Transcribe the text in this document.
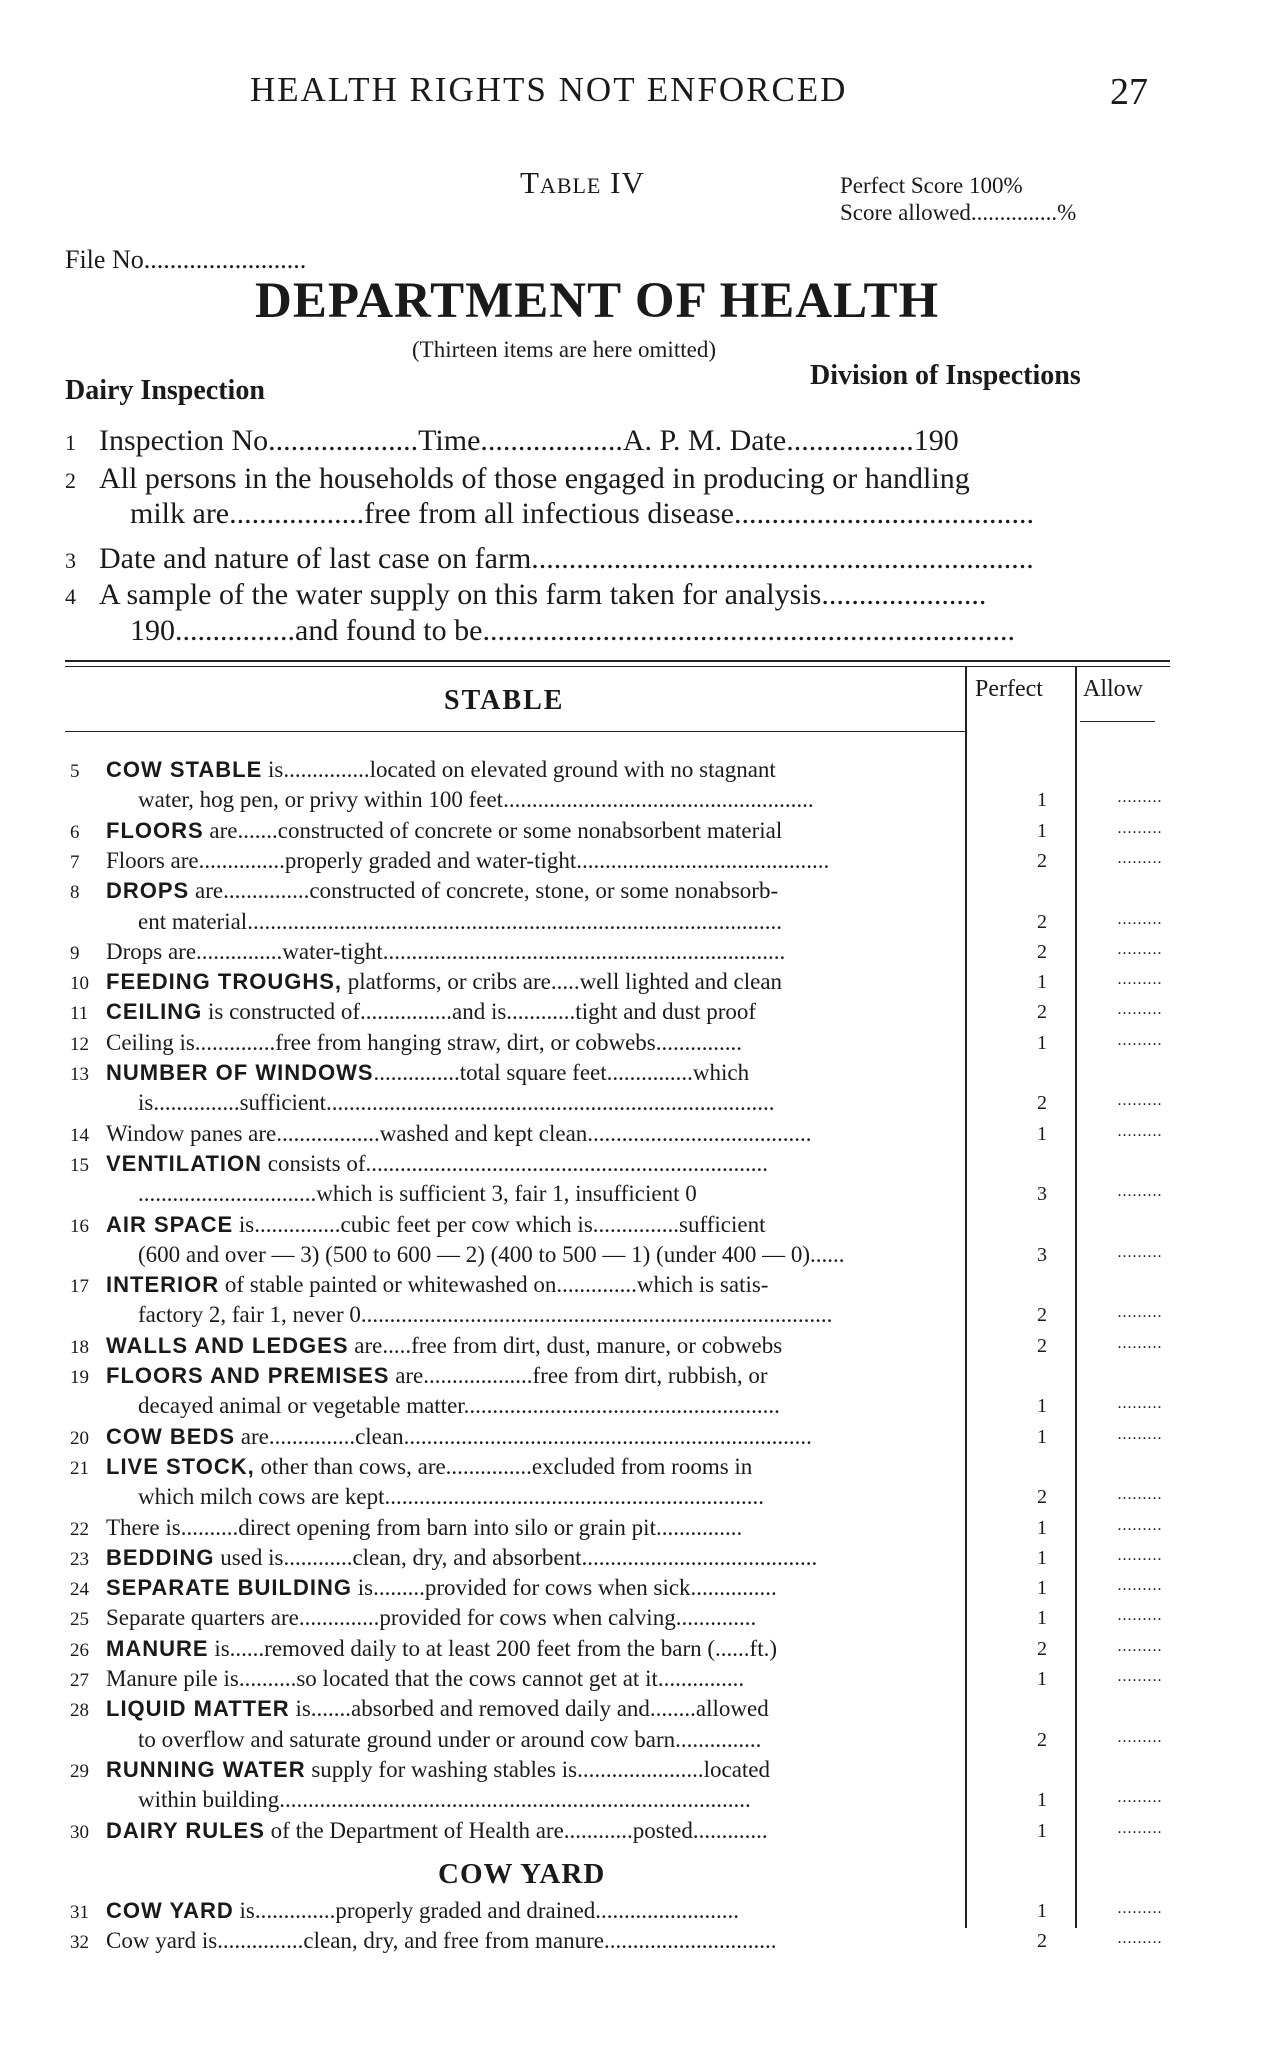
HEALTH RIGHTS NOT ENFORCED	27
Table IV	Perfect Score 100%
Score allowed...............%
File No.........................
DEPARTMENT OF HEALTH
(Thirteen items are here omitted)
Dairy Inspection	Division of Inspections
1 Inspection No....................Time...................A. P. M. Date.................190
2 All persons in the households of those engaged in producing or handling
milk are..................free from all infectious disease........................................
3 Date and nature of last case on farm...................................................................
4 A sample of the water supply on this farm taken for analysis......................
190................and found to be.......................................................................
STABLE	Perfect Allow
5 COW STABLE is...............located on elevated ground with no stagnant
water, hog pen, or privy within 100 feet......................................................	1	.........
6 FLOORS are.......constructed of concrete or some nonabsorbent material	1	.........
7 Floors are...............properly graded and water-tight............................................	2	.........
8 DROPS are...............constructed of concrete, stone, or some nonabsorb-
ent material.............................................................................................	2	.........
9 Drops are...............water-tight......................................................................	2	.........
10 FEEDING TROUGHS, platforms, or cribs are.....well lighted and clean	1	.........
11 CEILING is constructed of................and is............tight and dust proof	2	.........
12 Ceiling is..............free from hanging straw, dirt, or cobwebs...............	1	.........
13 NUMBER OF WINDOWS...............total square feet...............which
is...............sufficient..............................................................................	2	.........
14 Window panes are..................washed and kept clean.......................................	1	.........
15 VENTILATION consists of......................................................................
...............................which is sufficient 3, fair 1, insufficient 0	3	.........
16 AIR SPACE is...............cubic feet per cow which is...............sufficient
(600 and over — 3) (500 to 600 — 2) (400 to 500 — 1) (under 400 — 0)......	3	.........
17 INTERIOR of stable painted or whitewashed on..............which is satis-
factory 2, fair 1, never 0..................................................................................	2	.........
18 WALLS AND LEDGES are.....free from dirt, dust, manure, or cobwebs	2	.........
19 FLOORS AND PREMISES are...................free from dirt, rubbish, or
decayed animal or vegetable matter.......................................................	1	.........
20 COW BEDS are...............clean.......................................................................	1	.........
21 LIVE STOCK, other than cows, are...............excluded from rooms in
which milch cows are kept..................................................................	2	.........
22 There is..........direct opening from barn into silo or grain pit...............	1	.........
23 BEDDING used is............clean, dry, and absorbent.........................................	1	.........
24 SEPARATE BUILDING is.........provided for cows when sick...............	1	.........
25 Separate quarters are..............provided for cows when calving..............	1	.........
26 MANURE is......removed daily to at least 200 feet from the barn (......ft.)	2	.........
27 Manure pile is..........so located that the cows cannot get at it...............	1	.........
28 LIQUID MATTER is.......absorbed and removed daily and........allowed
to overflow and saturate ground under or around cow barn...............	2	.........
29 RUNNING WATER supply for washing stables is......................located
within building..................................................................................	1	.........
30 DAIRY RULES of the Department of Health are............posted.............	1	.........
COW YARD
31 COW YARD is..............properly graded and drained.........................	1	.........
32 Cow yard is...............clean, dry, and free from manure..............................	2	.........
